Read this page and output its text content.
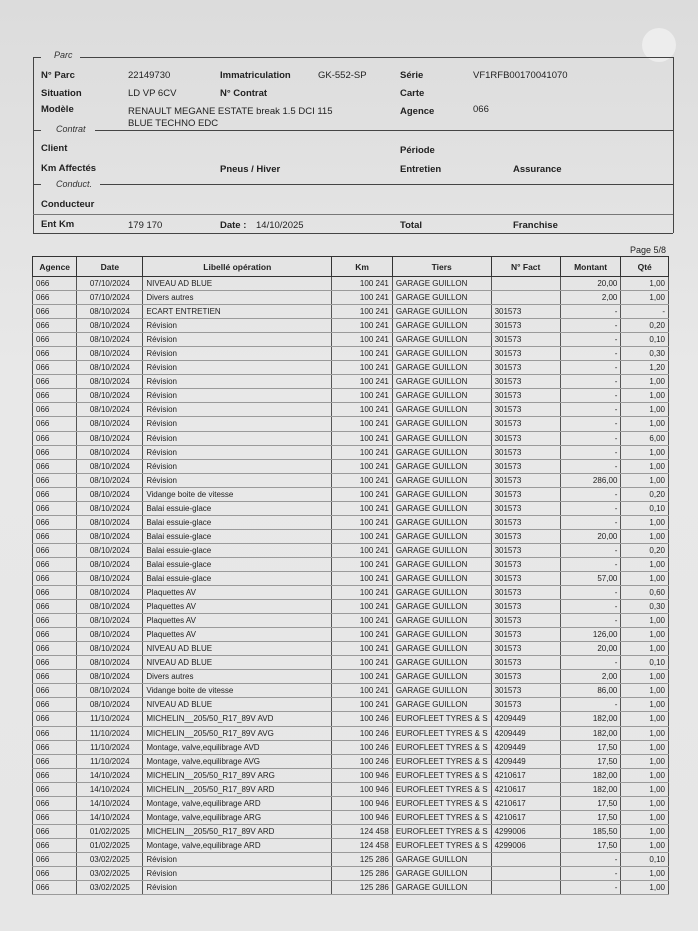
Parc
N° Parc	22149730	Immatriculation	GK-552-SP	Série	VF1RFB00170041070
Situation	LD VP 6CV	N° Contrat	Carte
Modèle	RENAULT MEGANE ESTATE break 1.5 DCI 115
BLUE TECHNO EDC
Agence	066
Contrat
Client	Période
Km Affectés	Pneus / Hiver	Entretien	Assurance
Conduct.
Conducteur
Ent Km	179 170	Date : 14/10/2025	Total	Franchise
Page 5/8
Agence	Date	Libellé opération	Km	Tiers	N° Fact	Montant	Qté
066	07/10/2024	NIVEAU AD BLUE	100 241	GARAGE GUILLON		20,00	1,00
066	07/10/2024	Divers autres	100 241	GARAGE GUILLON		2,00	1,00
066	08/10/2024	ECART ENTRETIEN	100 241	GARAGE GUILLON	301573	-	-
066	08/10/2024	Révision	100 241	GARAGE GUILLON	301573	-	0,20
066	08/10/2024	Révision	100 241	GARAGE GUILLON	301573	-	0,10
066	08/10/2024	Révision	100 241	GARAGE GUILLON	301573	-	0,30
066	08/10/2024	Révision	100 241	GARAGE GUILLON	301573	-	1,20
066	08/10/2024	Révision	100 241	GARAGE GUILLON	301573	-	1,00
066	08/10/2024	Révision	100 241	GARAGE GUILLON	301573	-	1,00
066	08/10/2024	Révision	100 241	GARAGE GUILLON	301573	-	1,00
066	08/10/2024	Révision	100 241	GARAGE GUILLON	301573	-	1,00
066	08/10/2024	Révision	100 241	GARAGE GUILLON	301573	-	6,00
066	08/10/2024	Révision	100 241	GARAGE GUILLON	301573	-	1,00
066	08/10/2024	Révision	100 241	GARAGE GUILLON	301573	-	1,00
066	08/10/2024	Révision	100 241	GARAGE GUILLON	301573	286,00	1,00
066	08/10/2024	Vidange boite de vitesse	100 241	GARAGE GUILLON	301573	-	0,20
066	08/10/2024	Balai essuie-glace	100 241	GARAGE GUILLON	301573	-	0,10
066	08/10/2024	Balai essuie-glace	100 241	GARAGE GUILLON	301573	-	1,00
066	08/10/2024	Balai essuie-glace	100 241	GARAGE GUILLON	301573	20,00	1,00
066	08/10/2024	Balai essuie-glace	100 241	GARAGE GUILLON	301573	-	0,20
066	08/10/2024	Balai essuie-glace	100 241	GARAGE GUILLON	301573	-	1,00
066	08/10/2024	Balai essuie-glace	100 241	GARAGE GUILLON	301573	57,00	1,00
066	08/10/2024	Plaquettes AV	100 241	GARAGE GUILLON	301573	-	0,60
066	08/10/2024	Plaquettes AV	100 241	GARAGE GUILLON	301573	-	0,30
066	08/10/2024	Plaquettes AV	100 241	GARAGE GUILLON	301573	-	1,00
066	08/10/2024	Plaquettes AV	100 241	GARAGE GUILLON	301573	126,00	1,00
066	08/10/2024	NIVEAU AD BLUE	100 241	GARAGE GUILLON	301573	20,00	1,00
066	08/10/2024	NIVEAU AD BLUE	100 241	GARAGE GUILLON	301573	-	0,10
066	08/10/2024	Divers autres	100 241	GARAGE GUILLON	301573	2,00	1,00
066	08/10/2024	Vidange boite de vitesse	100 241	GARAGE GUILLON	301573	86,00	1,00
066	08/10/2024	NIVEAU AD BLUE	100 241	GARAGE GUILLON	301573	-	1,00
066	11/10/2024	MICHELIN__205/50_R17_89V AVD	100 246	EUROFLEET TYRES & S	4209449	182,00	1,00
066	11/10/2024	MICHELIN__205/50_R17_89V AVG	100 246	EUROFLEET TYRES & S	4209449	182,00	1,00
066	11/10/2024	Montage, valve,equilibrage AVD	100 246	EUROFLEET TYRES & S	4209449	17,50	1,00
066	11/10/2024	Montage, valve,equilibrage AVG	100 246	EUROFLEET TYRES & S	4209449	17,50	1,00
066	14/10/2024	MICHELIN__205/50_R17_89V ARG	100 946	EUROFLEET TYRES & S	4210617	182,00	1,00
066	14/10/2024	MICHELIN__205/50_R17_89V ARD	100 946	EUROFLEET TYRES & S	4210617	182,00	1,00
066	14/10/2024	Montage, valve,equilibrage ARD	100 946	EUROFLEET TYRES & S	4210617	17,50	1,00
066	14/10/2024	Montage, valve,equilibrage ARG	100 946	EUROFLEET TYRES & S	4210617	17,50	1,00
066	01/02/2025	MICHELIN__205/50_R17_89V ARD	124 458	EUROFLEET TYRES & S	4299006	185,50	1,00
066	01/02/2025	Montage, valve,equilibrage ARD	124 458	EUROFLEET TYRES & S	4299006	17,50	1,00
066	03/02/2025	Révision	125 286	GARAGE GUILLON		-	0,10
066	03/02/2025	Révision	125 286	GARAGE GUILLON		-	1,00
066	03/02/2025	Révision	125 286	GARAGE GUILLON		-	1,00
